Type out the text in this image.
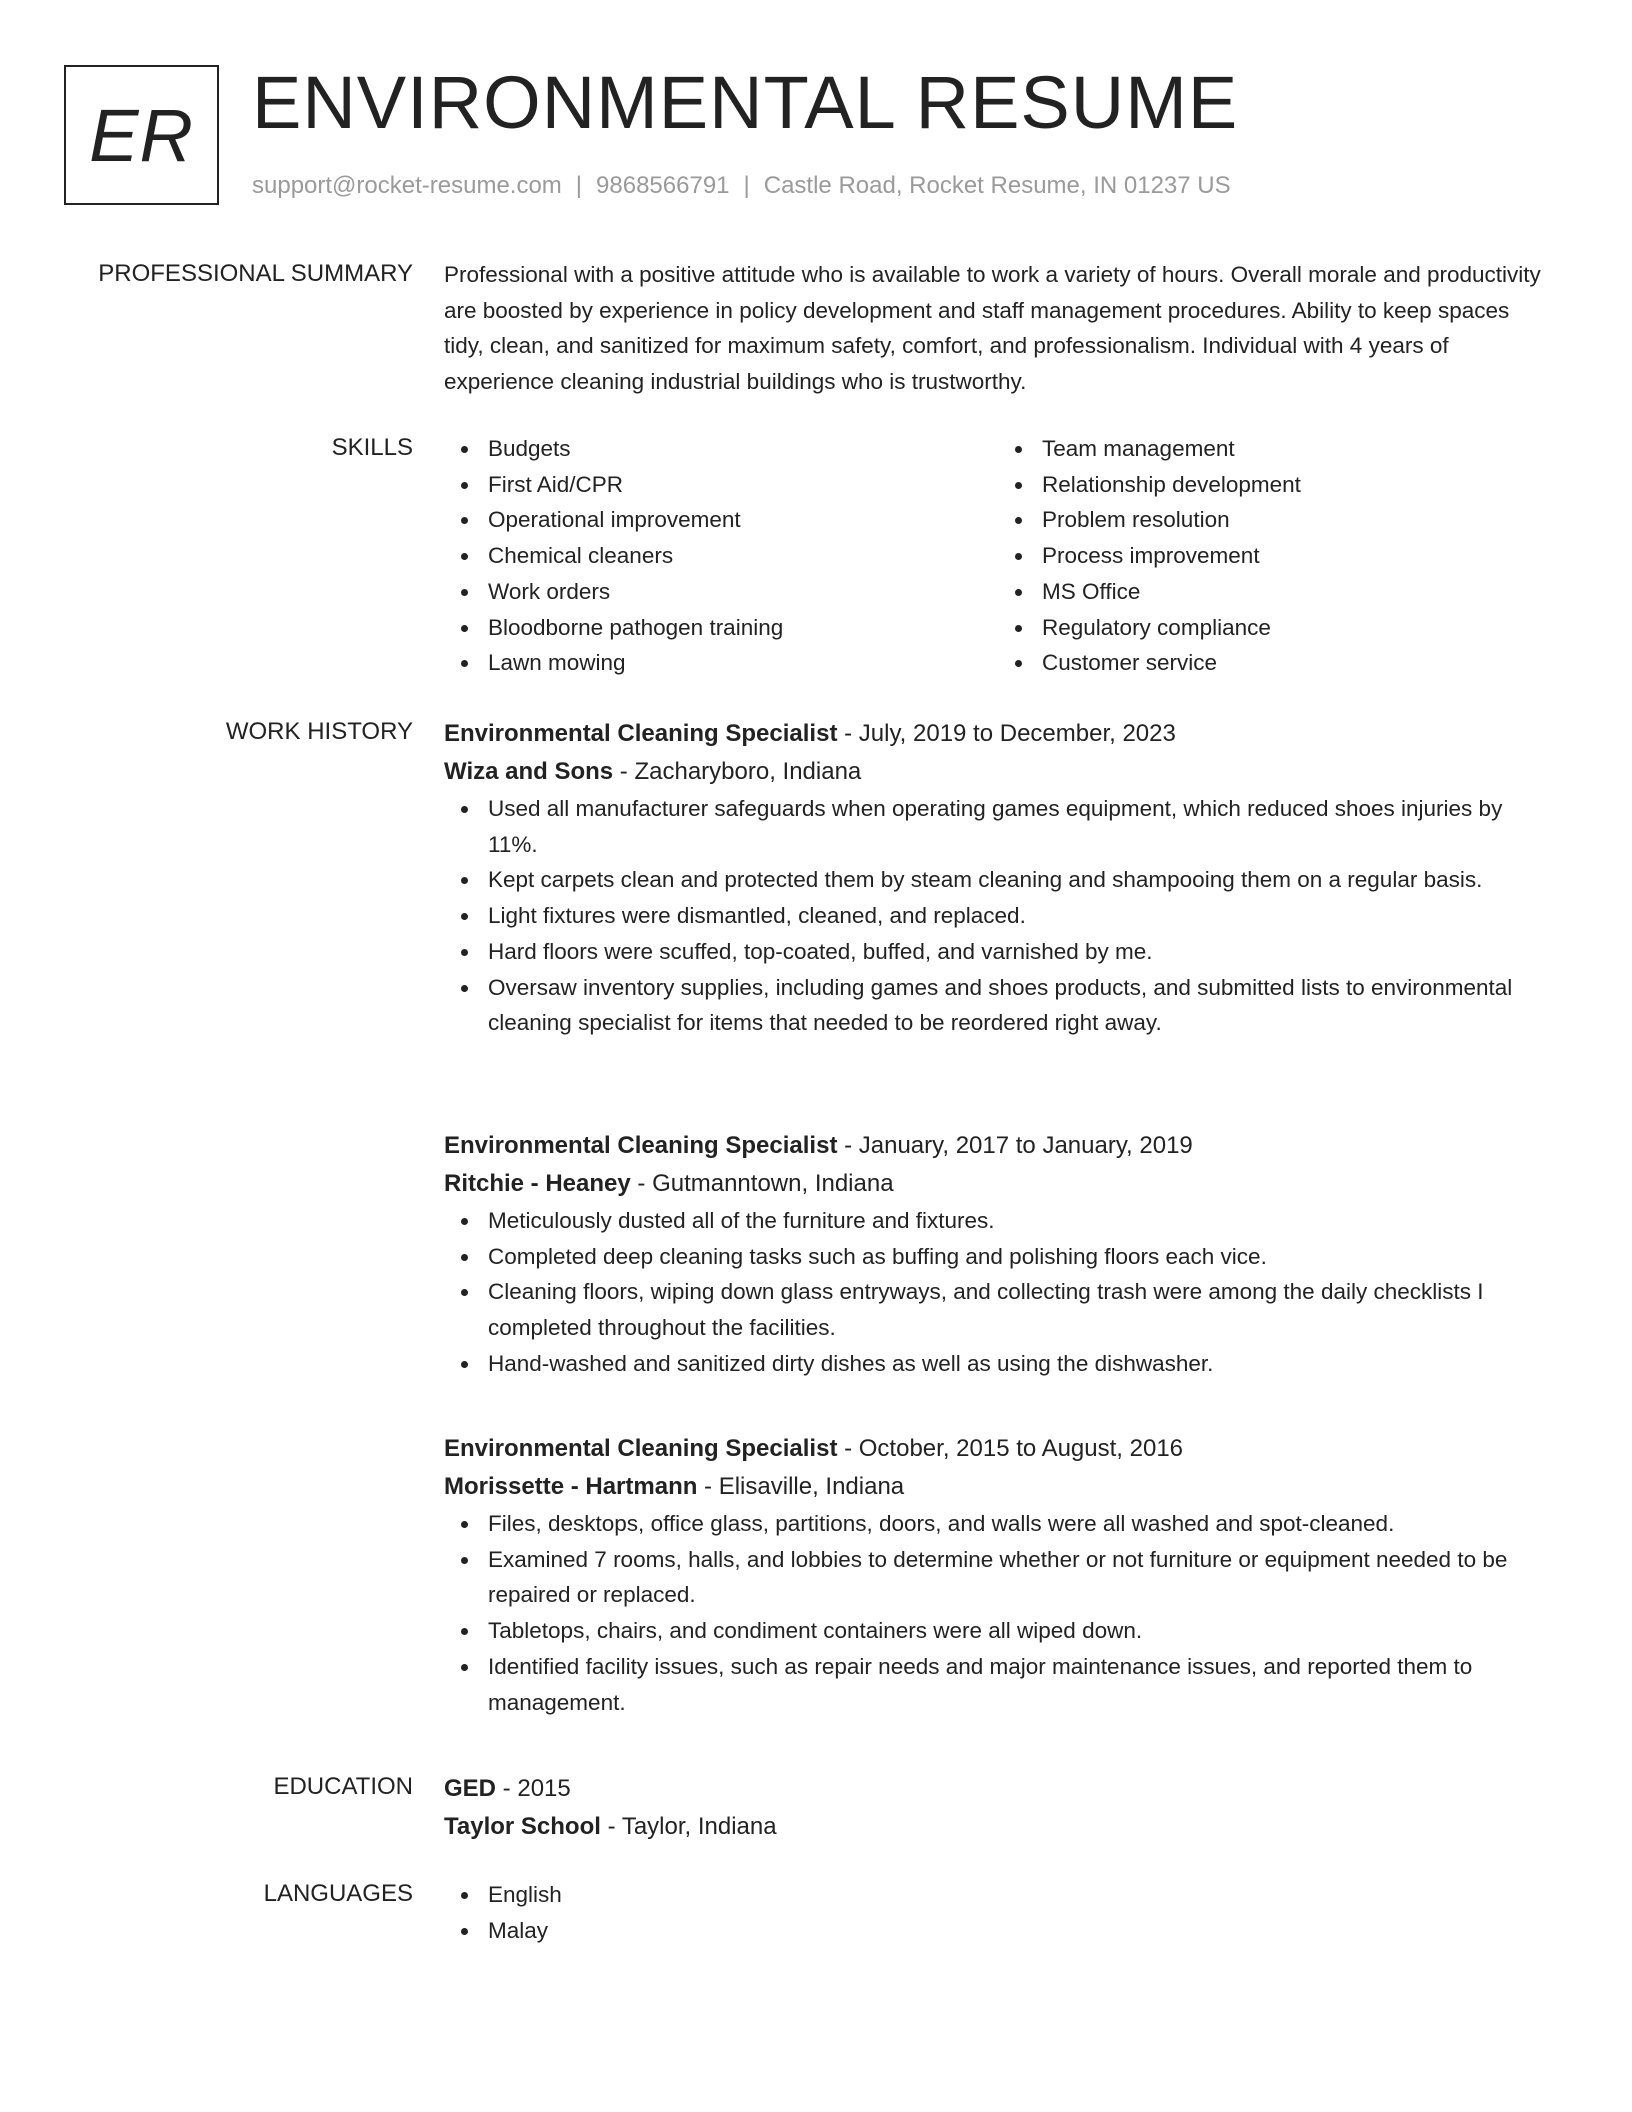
ER ENVIRONMENTAL RESUME
support@rocket-resume.com | 9868566791 | Castle Road, Rocket Resume, IN 01237 US
PROFESSIONAL SUMMARY Professional with a positive attitude who is available to work a variety of hours. Overall morale and productivity are boosted by experience in policy development and staff management procedures. Ability to keep spaces tidy, clean, and sanitized for maximum safety, comfort, and professionalism. Individual with 4 years of experience cleaning industrial buildings who is trustworthy.

SKILLS	Budgets
First Aid/CPR
Operational improvement
Chemical cleaners
Work orders
Bloodborne pathogen training
Lawn mowing
Team management
Relationship development
Problem resolution
Process improvement
MS Office
Regulatory compliance
Customer service
WORK HISTORY Environmental Cleaning Specialist - July, 2019 to December, 2023
Wiza and Sons - Zacharyboro, Indiana
Used all manufacturer safeguards when operating games equipment, which reduced shoes injuries by 11%.
Kept carpets clean and protected them by steam cleaning and shampooing them on a regular basis.
Light fixtures were dismantled, cleaned, and replaced.
Hard floors were scuffed, top-coated, buffed, and varnished by me.
Oversaw inventory supplies, including games and shoes products, and submitted lists to environmental cleaning specialist for items that needed to be reordered right away.
Environmental Cleaning Specialist - January, 2017 to January, 2019
Ritchie - Heaney - Gutmanntown, Indiana
Meticulously dusted all of the furniture and fixtures.
Completed deep cleaning tasks such as buffing and polishing floors each vice.
Cleaning floors, wiping down glass entryways, and collecting trash were among the daily checklists I completed throughout the facilities.
Hand-washed and sanitized dirty dishes as well as using the dishwasher.
Environmental Cleaning Specialist - October, 2015 to August, 2016
Morissette - Hartmann - Elisaville, Indiana
Files, desktops, office glass, partitions, doors, and walls were all washed and spot-cleaned.
Examined 7 rooms, halls, and lobbies to determine whether or not furniture or equipment needed to be repaired or replaced.
Tabletops, chairs, and condiment containers were all wiped down.
Identified facility issues, such as repair needs and major maintenance issues, and reported them to management.
EDUCATION GED - 2015
Taylor School - Taylor, Indiana
LANGUAGES	English
Malay
